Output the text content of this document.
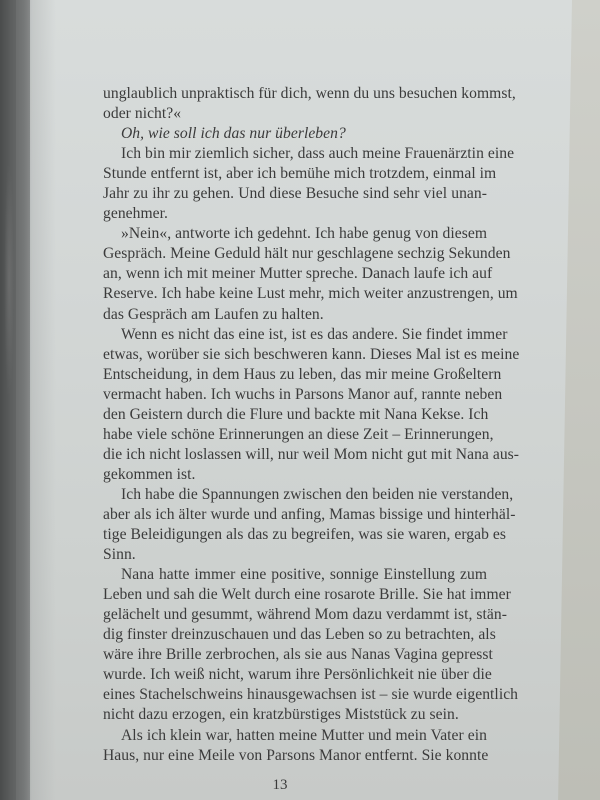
unglaublich unpraktisch für dich, wenn du uns besuchen kommst,
oder nicht?«
Oh, wie soll ich das nur überleben?
Ich bin mir ziemlich sicher, dass auch meine Frauenärztin eine
Stunde entfernt ist, aber ich bemühe mich trotzdem, einmal im
Jahr zu ihr zu gehen. Und diese Besuche sind sehr viel unan-
genehmer.
»Nein«, antworte ich gedehnt. Ich habe genug von diesem
Gespräch. Meine Geduld hält nur geschlagene sechzig Sekunden
an, wenn ich mit meiner Mutter spreche. Danach laufe ich auf
Reserve. Ich habe keine Lust mehr, mich weiter anzustrengen, um
das Gespräch am Laufen zu halten.
Wenn es nicht das eine ist, ist es das andere. Sie findet immer
etwas, worüber sie sich beschweren kann. Dieses Mal ist es meine
Entscheidung, in dem Haus zu leben, das mir meine Großeltern
vermacht haben. Ich wuchs in Parsons Manor auf, rannte neben
den Geistern durch die Flure und backte mit Nana Kekse. Ich
habe viele schöne Erinnerungen an diese Zeit – Erinnerungen,
die ich nicht loslassen will, nur weil Mom nicht gut mit Nana aus-
gekommen ist.
Ich habe die Spannungen zwischen den beiden nie verstanden,
aber als ich älter wurde und anfing, Mamas bissige und hinterhäl-
tige Beleidigungen als das zu begreifen, was sie waren, ergab es
Sinn.
Nana hatte immer eine positive, sonnige Einstellung zum
Leben und sah die Welt durch eine rosarote Brille. Sie hat immer
gelächelt und gesummt, während Mom dazu verdammt ist, stän-
dig finster dreinzuschauen und das Leben so zu betrachten, als
wäre ihre Brille zerbrochen, als sie aus Nanas Vagina gepresst
wurde. Ich weiß nicht, warum ihre Persönlichkeit nie über die
eines Stachelschweins hinausgewachsen ist – sie wurde eigentlich
nicht dazu erzogen, ein kratzbürstiges Miststück zu sein.
Als ich klein war, hatten meine Mutter und mein Vater ein
Haus, nur eine Meile von Parsons Manor entfernt. Sie konnte
13
